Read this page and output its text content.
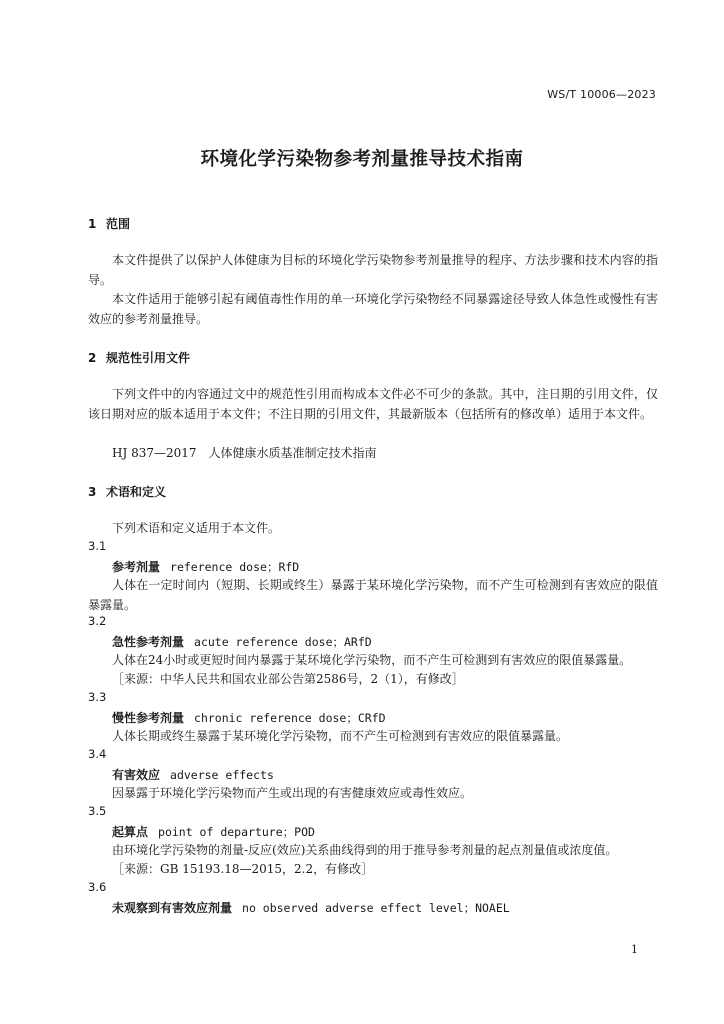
WS/T 10006—2023
环境化学污染物参考剂量推导技术指南
1 范围
本文件提供了以保护人体健康为目标的环境化学污染物参考剂量推导的程序、方法步骤和技术内容的指导。
本文件适用于能够引起有阈值毒性作用的单一环境化学污染物经不同暴露途径导致人体急性或慢性有害效应的参考剂量推导。
2 规范性引用文件
下列文件中的内容通过文中的规范性引用而构成本文件必不可少的条款。其中，注日期的引用文件，仅该日期对应的版本适用于本文件；不注日期的引用文件，其最新版本（包括所有的修改单）适用于本文件。
HJ 837—2017　人体健康水质基准制定技术指南
3 术语和定义
下列术语和定义适用于本文件。
3.1
参考剂量 reference dose；RfD
人体在一定时间内（短期、长期或终生）暴露于某环境化学污染物，而不产生可检测到有害效应的限值暴露量。
3.2
急性参考剂量 acute reference dose；ARfD
人体在24小时或更短时间内暴露于某环境化学污染物，而不产生可检测到有害效应的限值暴露量。
［来源：中华人民共和国农业部公告第2586号，2（1），有修改］
3.3
慢性参考剂量 chronic reference dose；CRfD
人体长期或终生暴露于某环境化学污染物，而不产生可检测到有害效应的限值暴露量。
3.4
有害效应 adverse effects
因暴露于环境化学污染物而产生或出现的有害健康效应或毒性效应。
3.5
起算点 point of departure；POD
由环境化学污染物的剂量-反应(效应)关系曲线得到的用于推导参考剂量的起点剂量值或浓度值。
［来源：GB 15193.18—2015，2.2，有修改］
3.6
未观察到有害效应剂量 no observed adverse effect level；NOAEL
1
